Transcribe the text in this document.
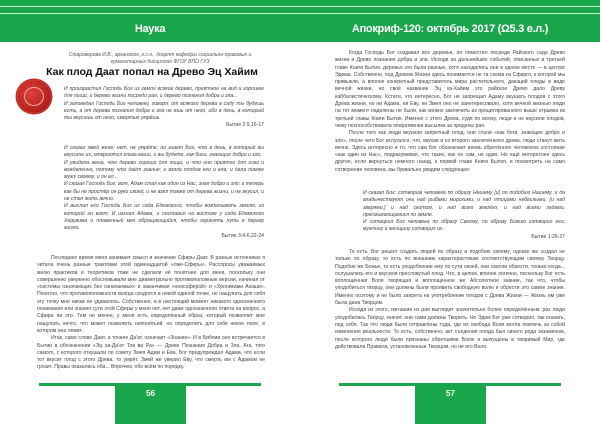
Наука
Староверова И.В., арханолог, к.с.н., доцент кафедры социально-правовых и гуманитарных дисциплин ФГОУ ВПО ГУЗ
Как плод Даат попал на Древо Эц Хайим

И произрастил Господь Бог из земли всякое дерево, приятное на вид и хорошее для пищи, и дерево жизни посреди рая, и дерево познания добра и зла...

И заповедал Господь Бог человеку, говоря: от всякого дерева в саду ты будешь есть, а от дерева познания добра и зла не ешь от него, ибо в день, в который ты вкусишь от него, смертью умрёшь.

Бытие 2:9,16-17

И сказал змей жене: нет, не умрёте, но знает Бог, что в день, в который вы вкусите их, откроются глаза ваши, и вы будете, как боги, знающие добро и зло.

И увидела жена, что дерево хорошо для пищи, и что оно приятно для глаз и вожделенно, потому что даёт знание; и взяла плодов его и ела; и дала также мужу своему, и он ел...

И сказал Господь Бог: вот, Адам стал как один из Нас, зная добро и зло; и теперь как бы не простёр он руки своей, и не взял также от дерева жизни, и не вкусил, и не стал жить вечно.

И выслал его Господь Бог из сада Едемского, чтобы возделывать землю, из которой он взят. И изгнал Адама, и поставил на востоке у сада Едемского Херувима и пламенный меч обращающийся, чтобы охранять путь к дереву жизни.

Бытие 3:4-6,22-24

Последнее время меня занимает смысл и значение Сфиры Даат. В разных источниках я читала очень разные трактовки этой одиннадцатой «лже-Сфиры». Расспросы уважаемых мною практиков и теоретиков тоже не сделали её понятнее для меня, поскольку они совершенно уверенно обосновывали мне диаметрально противоположные версии, начиная от «системы означающих без означаемых» и заканчивая «неософерой» и «Хрониками Акаши». Понятно, что противоположности всегда сходятся в некой единой точке, но нащупать для себя эту точку мне никак не удавалось. Собственно, и в настоящий момент никакого однозначного понимания или знания сути этой Сферы у меня нет, нет даже однозначного ответа на вопрос, а Сфира ли это. Тем не менее, у меня есть определённый образ, который позволяет мне нащупать нечто, что может позволить непонятьей, но определить для себя некое поле, в котором она лежит.

Итак, само слово Даат, а точнее Да'ат, означает «Знание». И в Библии оно встречается в Бытии в обозначении «Эц ха-Да'ат Тов ва Ра» — Древо Познания Добра и Зла. Ага, того самого, с которого откушали по совету Змея Адам и Ева. Бог предупреждал Адама, что если тот вкусит плод с этого Древа, то умрёт. Змей же уверил Еву, что смерть им с Адамом не грозит. Правы оказались оба... Впрочем, обо всём по порядку.

56
Апокриф-120: октябрь 2017 (Ω5.3 е.л.)

Когда Господь Бог создавал все деревья, он поместил посреди Райского сада Древо жизни и Древо познания добра и зла. Исходя из дальнейших событий, описанных в третьей главе Книги Бытия, деревья это были разные, хотя находились они в одном месте — в центре Эдема. Собственно, под Древом Жизни здесь понимается не та схема из Сфирот, к которой мы привыкли, а вполне конкретный представитель мира растительного, дающий плоды в виде вечной жизни, но своё название Эц ха-Хайим это райское Древо дало Древу каббалистическому. Кстати, что интересно, Бог не запрещал Адаму вкушать плодов с этого Древа жизни, но ни Адама, ни Еву, ни Змея оно не заинтересовало, хотя вечной жизнью люди на тот момент наделены не были, как можно заключить из процитированного выше отрывка из третьей главы Книги Бытия. Именно с этого Древа, судя по всему, люди и не вкусили плодов, чему поспособствовала оперативная высылка за пределы рая.

После того как люди вкусили запретный плод, они стали «как боги, знающие добро и зло», после чего Бог испугался, что, вкусив и со второго заключённого древа, люди станут жить вечно. Здесь интересно и то, что сам Бог обозначает вновь обретённое человеком состояние «как один из Нас», подразумевая, что таких, как он сам, не один. Но ещё интереснее здесь другое, если вернуться немного назад, к первой главе Книги Бытия, и посмотреть на само сотворение человека, мы буквально увидим следующее:

И сказал Бог: сотворим человека по образу Нашему [и] по подобию Нашему, и да владычествуют они над рыбами морскими, и над птицами небесными, [и над зверями,] и над скотом, и над всею землёю, и над всеми гадами, пресмыкающимися по земле.

И сотворил Бог человека по образу Своему, по образу Божию сотворил его; мужчину и женщину сотворил их.

Бытие 1:26-27

То есть, Бог решил создать людей по образу и подобию своему, однако же создал не только по образу, то есть по внешним характеристикам соответствующим своему Творцу. Подобие же Божье, то есть уподобление ему по сути своей, они смогли обрести, только когда... ослушались его и вкусили пресловутый плод. Что, в целом, вполне логично, поскольку Бог есть воплощённая Воля творящая и воплощённое же Абсолютное знание, так что, чтобы уподобиться творцу, они должны были проявить свободную волю и обрести это самое знание. Именно поэтому и не было запрета на употребление плодов с Древа Жизни — Жизнь им уже была дана Творцом.

Исходя из этого, изгнание из рая выглядит значительно более определённым: раз люди уподобились Творцу, значит, они сами должны Творить. Но Эдем Бог уже сотворил, так сказать, под себя. Так что люди были отправлены туда, где их свобода Воли могла повлечь за собой изменения реальности. То есть, собственно, акт съедения плода был своего рода экзаменом, после которого люди были признаны обретшими Волю и выпущены в творимый Мир, где действовали Правила, установленные Творцом, но не его Воля.

57
